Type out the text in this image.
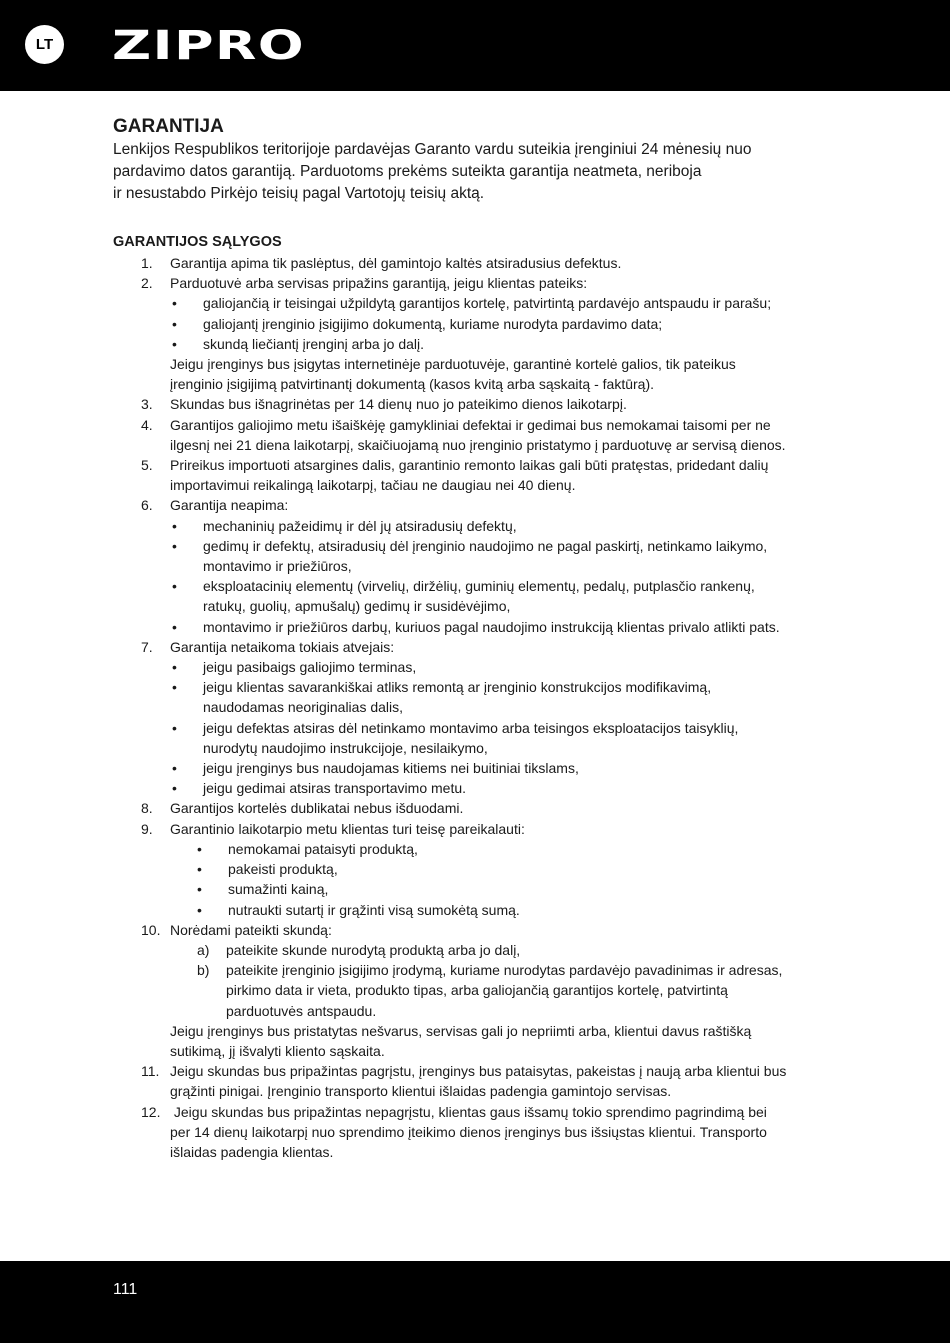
LT ZIPRO
GARANTIJA

Lenkijos Respublikos teritorijoje pardavėjas Garanto vardu suteikia įrenginiui 24 mėnesių nuo
pardavimo datos garantiją. Parduotoms prekėms suteikta garantija neatmeta, neriboja
ir nesustabdo Pirkėjo teisių pagal Vartotojų teisių aktą.

GARANTIJOS SĄLYGOS
1. Garantija apima tik paslėptus, dėl gamintojo kaltės atsiradusius defektus.
2. Parduotuvė arba servisas pripažins garantiją, jeigu klientas pateiks:
• galiojančią ir teisingai užpildytą garantijos kortelę, patvirtintą pardavėjo antspaudu ir parašu;
• galiojantį įrenginio įsigijimo dokumentą, kuriame nurodyta pardavimo data;
• skundą liečiantį įrenginį arba jo dalį.
Jeigu įrenginys bus įsigytas internetinėje parduotuvėje, garantinė kortelė galios, tik pateikus
įrenginio įsigijimą patvirtinantį dokumentą (kasos kvitą arba sąskaitą - faktūrą).
3. Skundas bus išnagrinėtas per 14 dienų nuo jo pateikimo dienos laikotarpį.
4. Garantijos galiojimo metu išaiškėję gamykliniai defektai ir gedimai bus nemokamai taisomi per ne
ilgesnį nei 21 diena laikotarpį, skaičiuojamą nuo įrenginio pristatymo į parduotuvę ar servisą dienos.
5. Prireikus importuoti atsargines dalis, garantinio remonto laikas gali būti pratęstas, pridedant dalių
importavimui reikalingą laikotarpį, tačiau ne daugiau nei 40 dienų.
6. Garantija neapima:
• mechaninių pažeidimų ir dėl jų atsiradusių defektų,
• gedimų ir defektų, atsiradusių dėl įrenginio naudojimo ne pagal paskirtį, netinkamo laikymo,
montavimo ir priežiūros,
• eksploatacinių elementų (virvelių, diržėlių, guminių elementų, pedalų, putplasčio rankenų,
ratukų, guolių, apmušalų) gedimų ir susidėvėjimo,
• montavimo ir priežiūros darbų, kuriuos pagal naudojimo instrukciją klientas privalo atlikti pats.
7. Garantija netaikoma tokiais atvejais:
• jeigu pasibaigs galiojimo terminas,
• jeigu klientas savarankiškai atliks remontą ar įrenginio konstrukcijos modifikavimą,
naudodamas neoriginalias dalis,
• jeigu defektas atsiras dėl netinkamo montavimo arba teisingos eksploatacijos taisyklių,
nurodytų naudojimo instrukcijoje, nesilaikymo,
• jeigu įrenginys bus naudojamas kitiems nei buitiniai tikslams,
• jeigu gedimai atsiras transportavimo metu.
8. Garantijos kortelės dublikatai nebus išduodami.
9. Garantinio laikotarpio metu klientas turi teisę pareikalauti:
• nemokamai pataisyti produktą,
• pakeisti produktą,
• sumažinti kainą,
• nutraukti sutartį ir grąžinti visą sumokėtą sumą.
10. Norėdami pateikti skundą:
a) pateikite skunde nurodytą produktą arba jo dalį,
b) pateikite įrenginio įsigijimo įrodymą, kuriame nurodytas pardavėjo pavadinimas ir adresas,
pirkimo data ir vieta, produkto tipas, arba galiojančią garantijos kortelę, patvirtintą
parduotuvės antspaudu.
Jeigu įrenginys bus pristatytas nešvarus, servisas gali jo nepriimti arba, klientui davus raštišką
sutikimą, jį išvalyti kliento sąskaita.
11. Jeigu skundas bus pripažintas pagrįstu, įrenginys bus pataisytas, pakeistas į naują arba klientui bus
grąžinti pinigai. Įrenginio transporto klientui išlaidas padengia gamintojo servisas.
12. Jeigu skundas bus pripažintas nepagrįstu, klientas gaus išsamų tokio sprendimo pagrindimą bei
per 14 dienų laikotarpį nuo sprendimo įteikimo dienos įrenginys bus išsiųstas klientui. Transporto
išlaidas padengia klientas.
111
